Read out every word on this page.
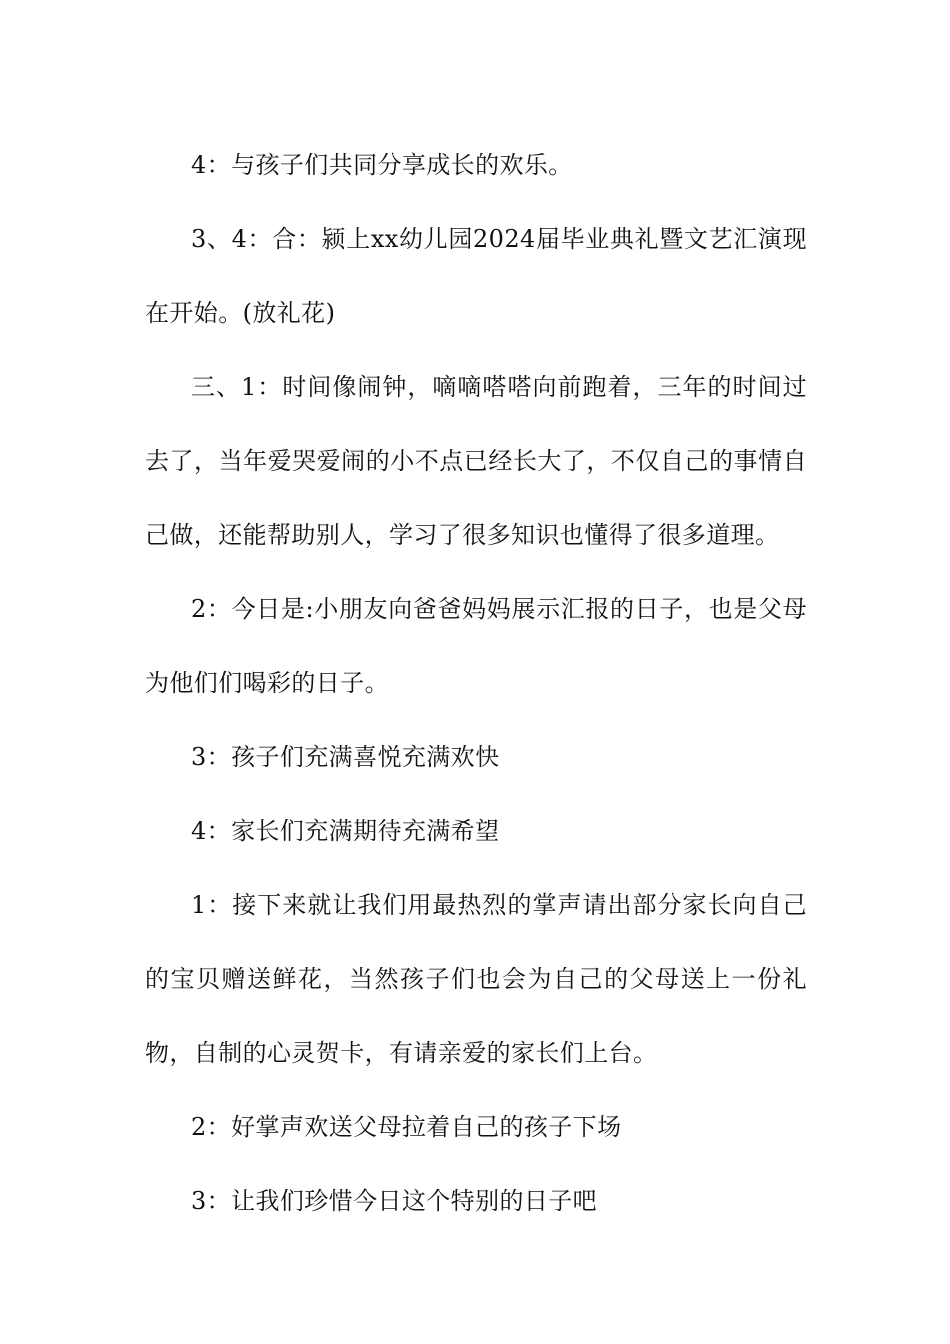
4：与孩子们共同分享成长的欢乐。

3、4：合：颍上xx幼儿园2024届毕业典礼暨文艺汇演现在开始。(放礼花)

三、1：时间像闹钟，嘀嘀嗒嗒向前跑着，三年的时间过去了，当年爱哭爱闹的小不点已经长大了，不仅自己的事情自己做，还能帮助别人，学习了很多知识也懂得了很多道理。

2：今日是:小朋友向爸爸妈妈展示汇报的日子，也是父母为他们们喝彩的日子。

3：孩子们充满喜悦充满欢快

4：家长们充满期待充满希望

1：接下来就让我们用最热烈的掌声请出部分家长向自己的宝贝赠送鲜花，当然孩子们也会为自己的父母送上一份礼物，自制的心灵贺卡，有请亲爱的家长们上台。

2：好掌声欢送父母拉着自己的孩子下场

3：让我们珍惜今日这个特别的日子吧
